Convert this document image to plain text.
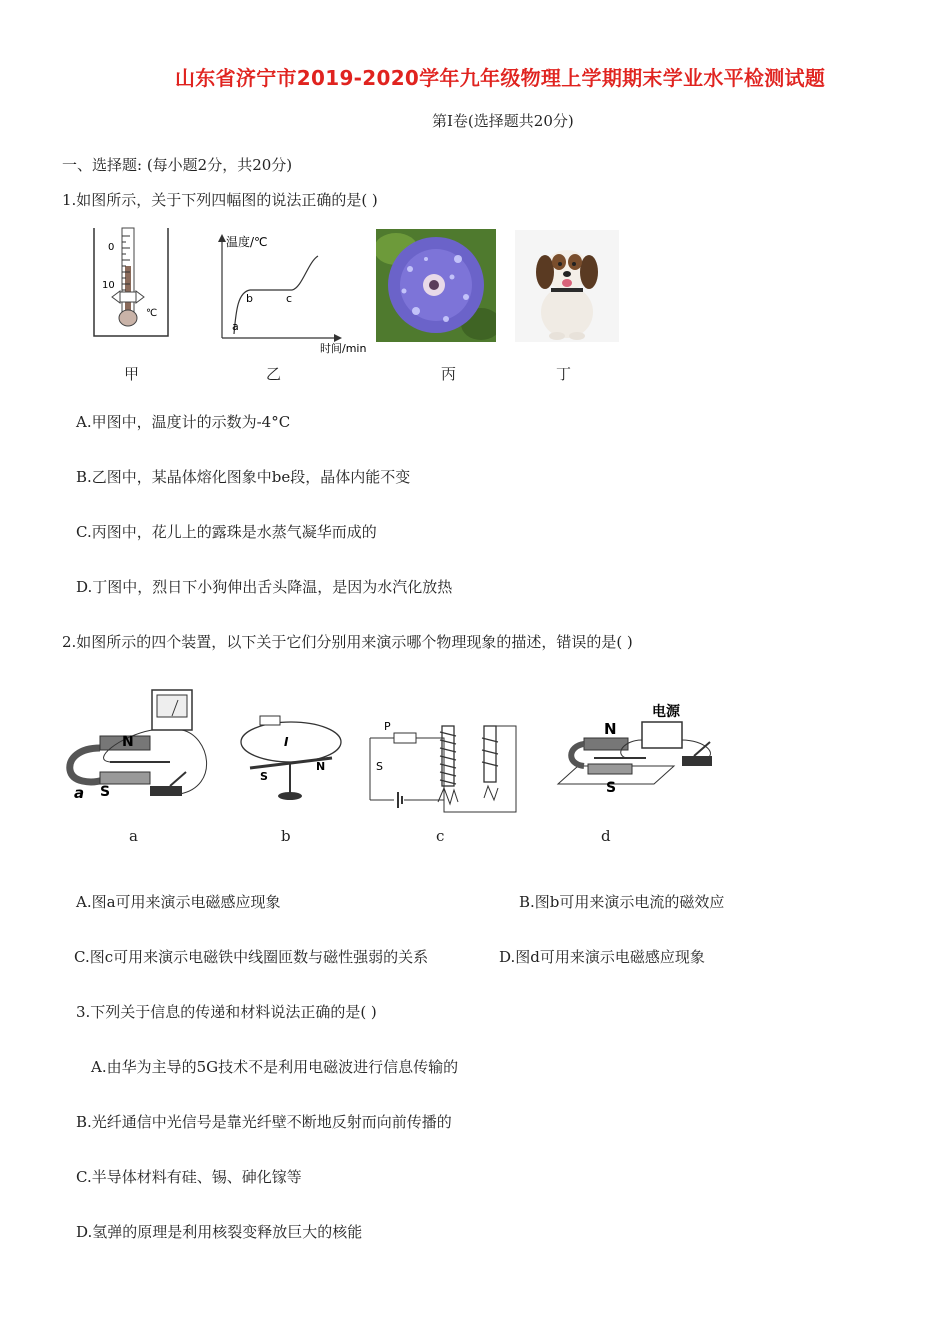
山东省济宁市2019-2020学年九年级物理上学期期末学业水平检测试题
第Ⅰ卷(选择题共20分)
一、选择题: (每小题2分，共20分)
1.如图所示，关于下列四幅图的说法正确的是( )
0
10
℃
甲
温度/℃
时间/min
a
b	c
乙	丙	丁
A.甲图中，温度计的示数为-4°C
B.乙图中，某晶体熔化图象中be段，晶体内能不变
C.丙图中，花儿上的露珠是水蒸气凝华而成的
D.丁图中，烈日下小狗伸出舌头降温，是因为水汽化放热
2.如图所示的四个装置，以下关于它们分别用来演示哪个物理现象的描述，错误的是( )
N
S
a
a
I
S
N
b
P
S
c
N
S
电源
d
A.图a可用来演示电磁感应现象	B.图b可用来演示电流的磁效应
C.图c可用来演示电磁铁中线圈匝数与磁性强弱的关系	D.图d可用来演示电磁感应现象
3.下列关于信息的传递和材料说法正确的是( )
A.由华为主导的5G技术不是利用电磁波进行信息传输的
B.光纤通信中光信号是靠光纤壁不断地反射而向前传播的
C.半导体材料有硅、锡、砷化镓等
D.氢弹的原理是利用核裂变释放巨大的核能
